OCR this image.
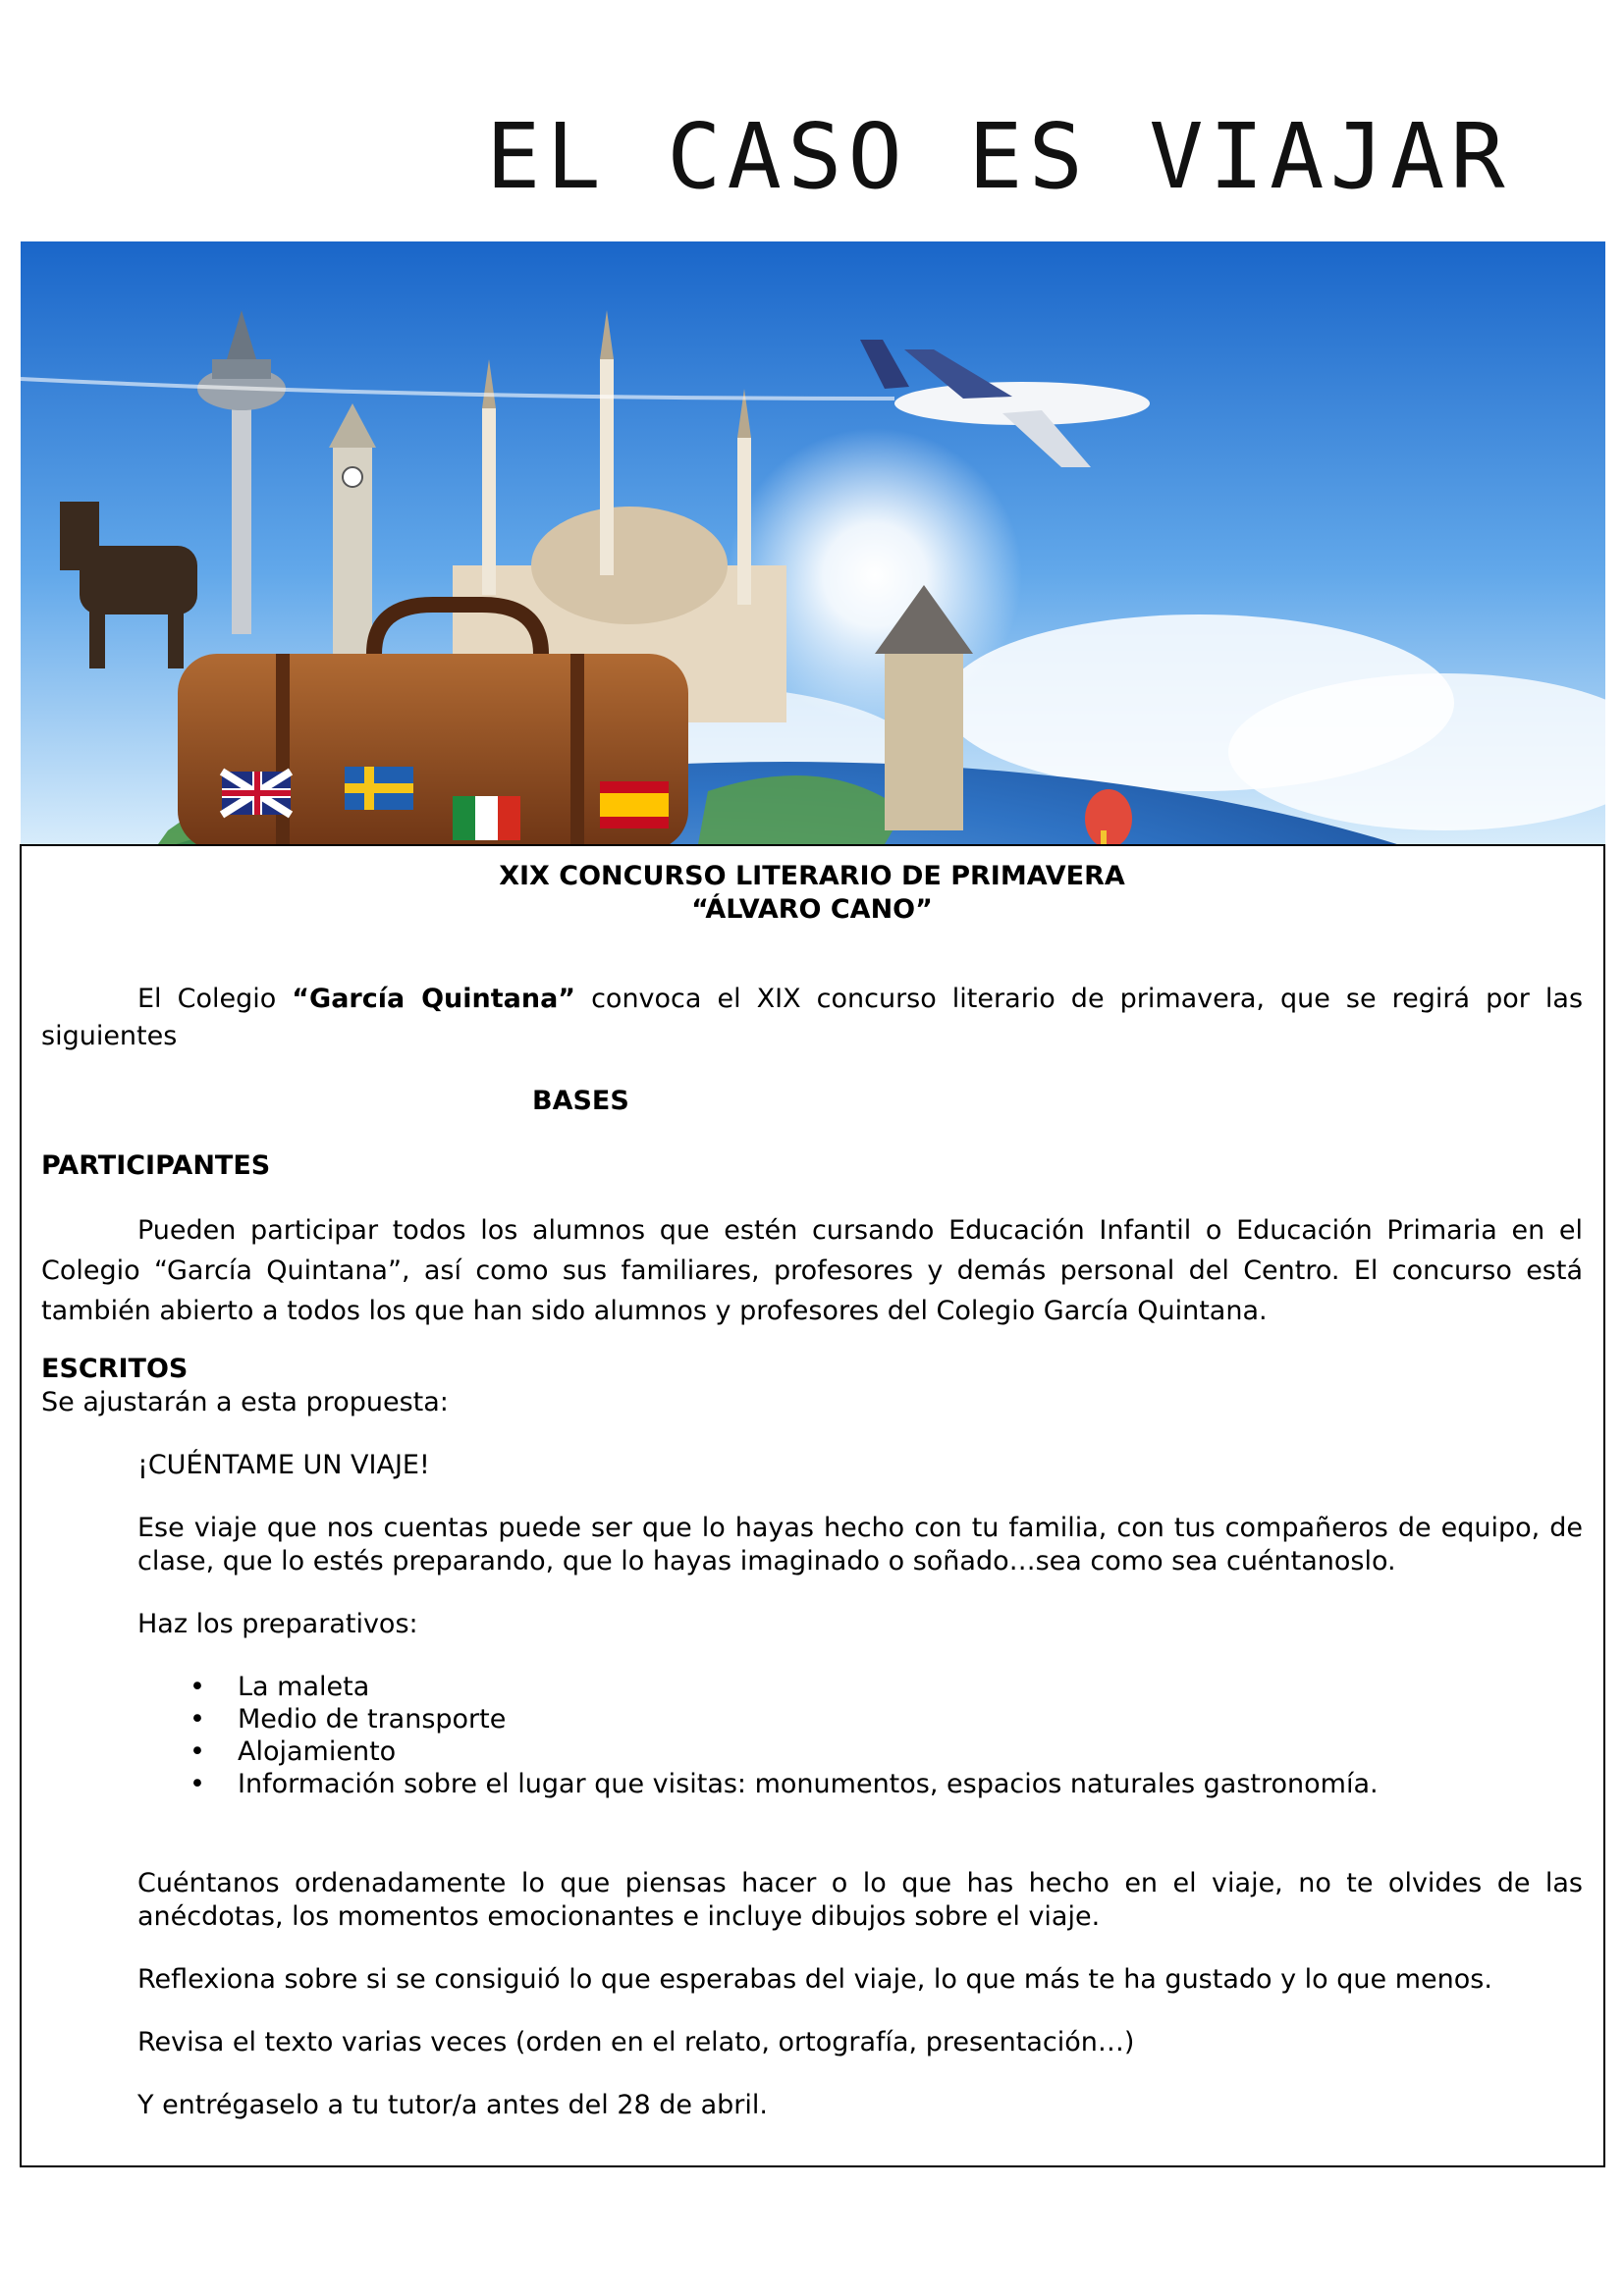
EL CASO ES VIAJAR

XIX CONCURSO LITERARIO DE PRIMAVERA

“ÁLVARO CANO”

El Colegio “García Quintana” convoca el XIX concurso literario de primavera, que se regirá por las siguientes

BASES

PARTICIPANTES

Pueden participar todos los alumnos que estén cursando Educación Infantil o Educación Primaria en el Colegio “García Quintana”, así como sus familiares, profesores y demás personal del Centro. El concurso está también abierto a todos los que han sido alumnos y profesores del Colegio García Quintana.

ESCRITOS

Se ajustarán a esta propuesta:

¡CUÉNTAME UN VIAJE!

Ese viaje que nos cuentas puede ser que lo hayas hecho con tu familia, con tus compañeros de equipo, de clase, que lo estés preparando, que lo hayas imaginado o soñado…sea como sea cuéntanoslo.

Haz los preparativos:

• La maleta
• Medio de transporte
• Alojamiento
• Información sobre el lugar que visitas: monumentos, espacios naturales gastronomía.

Cuéntanos ordenadamente lo que piensas hacer o lo que has hecho en el viaje, no te olvides de las anécdotas, los momentos emocionantes e incluye dibujos sobre el viaje.

Reflexiona sobre si se consiguió lo que esperabas del viaje, lo que más te ha gustado y lo que menos.

Revisa el texto varias veces (orden en el relato, ortografía, presentación…)

Y entrégaselo a tu tutor/a antes del 28 de abril.
